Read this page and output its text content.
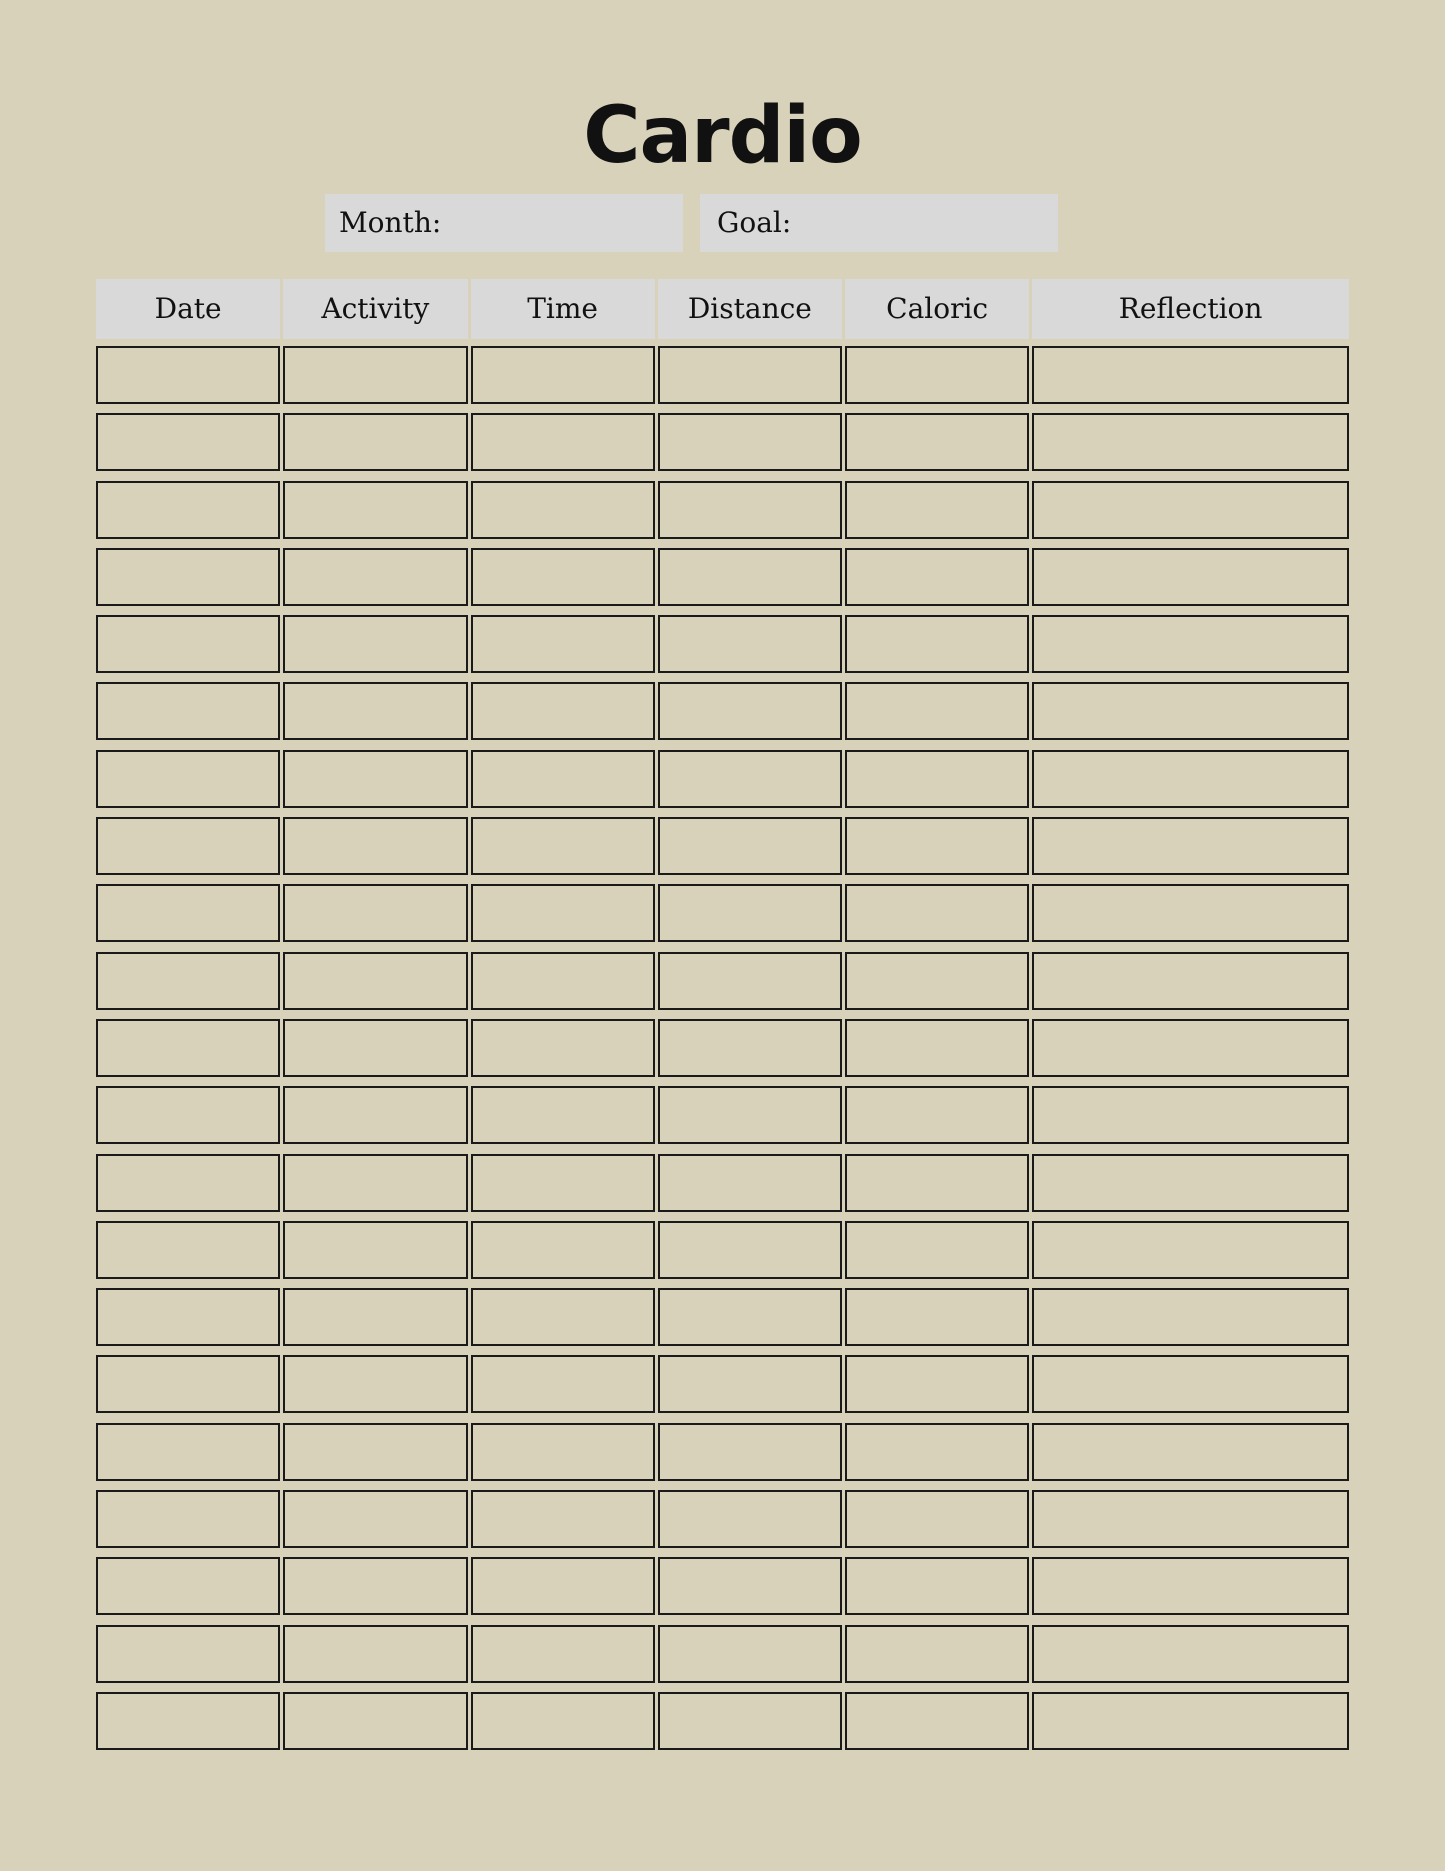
Cardio
Month:	Goal:
Date	Activity	Time	Distance	Caloric	Reflection
